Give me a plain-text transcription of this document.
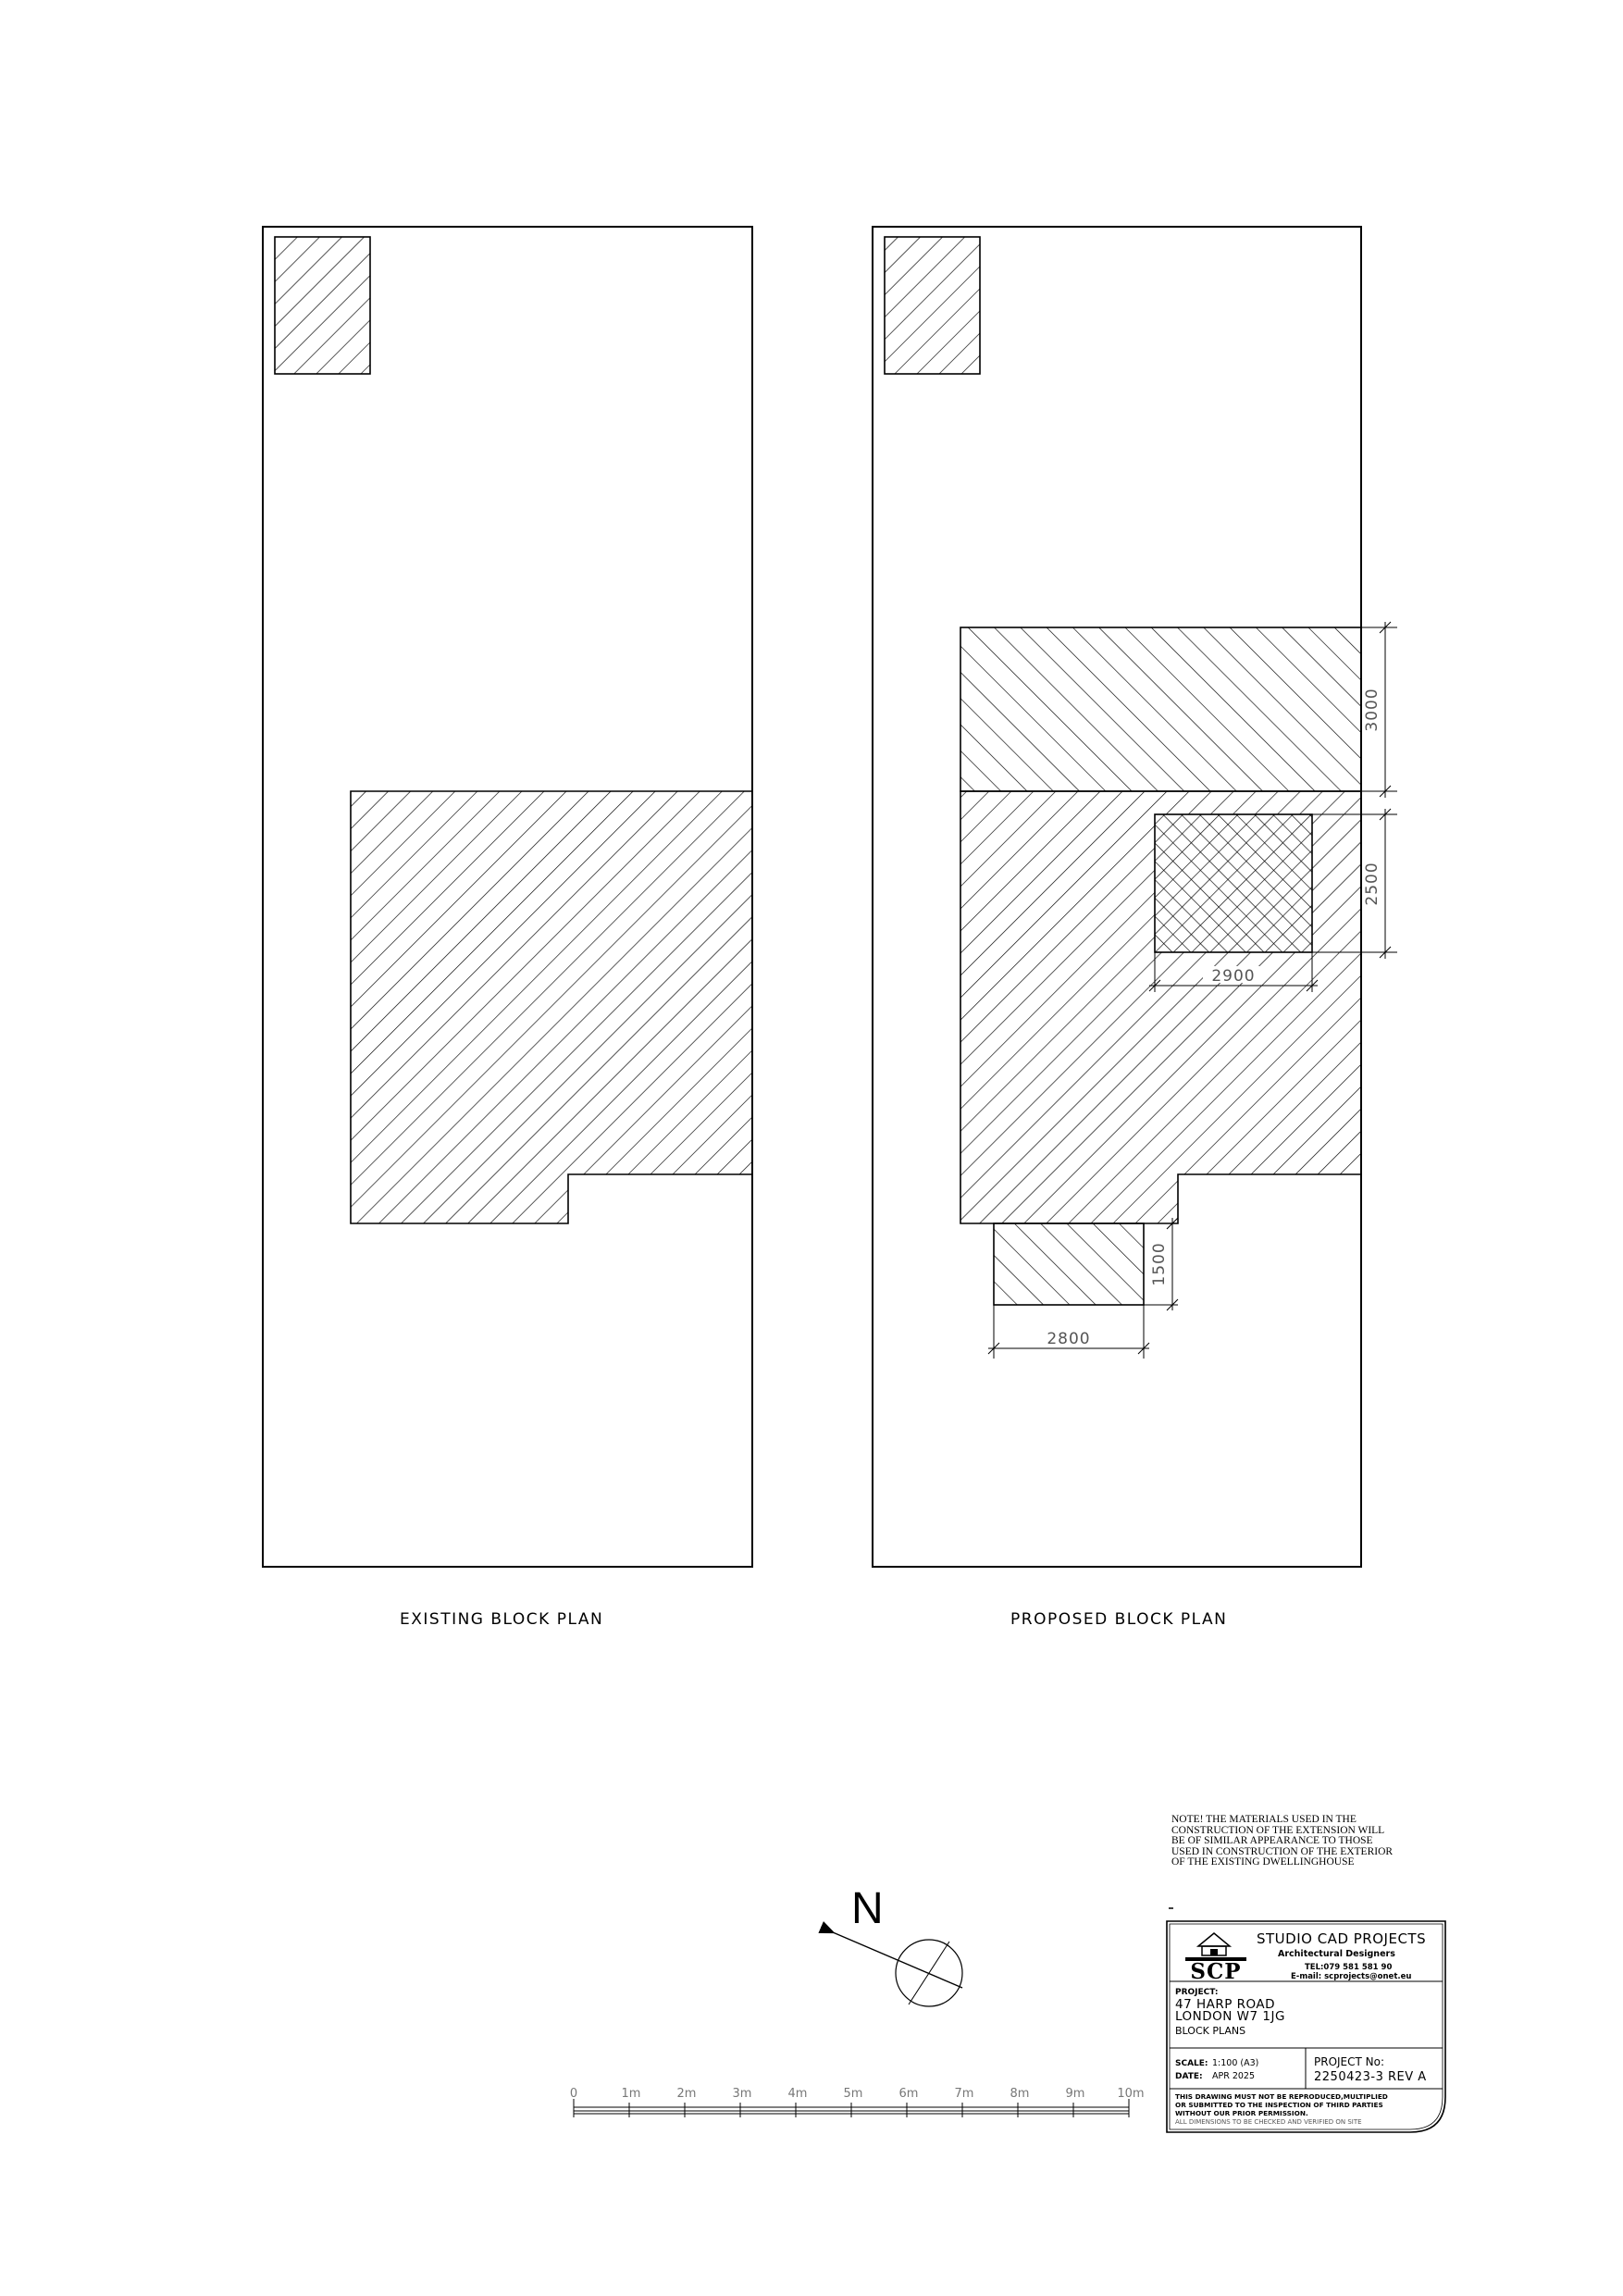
3000
2500
2900
1500
2800
N
0	1m	2m	3m	4m	5m	6m	7m	8m	9m	10m
SCP
STUDIO CAD PROJECTS
Architectural Designers
TEL:079 581 581 90
E-mail: scprojects@onet.eu
PROJECT:
47 HARP ROAD
LONDON W7 1JG
BLOCK PLANS
SCALE: 1:100 (A3)
DATE: APR 2025
PROJECT No:
2250423-3 REV A
THIS DRAWING MUST NOT BE REPRODUCED,MULTIPLIED
OR SUBMITTED TO THE INSPECTION OF THIRD PARTIES
WITHOUT OUR PRIOR PERMISSION.
ALL DIMENSIONS TO BE CHECKED AND VERIFIED ON SITE
EXISTING BLOCK PLAN	PROPOSED BLOCK PLAN
NOTE! THE MATERIALS USED IN THE
CONSTRUCTION OF THE EXTENSION WILL
BE OF SIMILAR APPEARANCE TO THOSE
USED IN CONSTRUCTION OF THE EXTERIOR
OF THE EXISTING DWELLINGHOUSE
